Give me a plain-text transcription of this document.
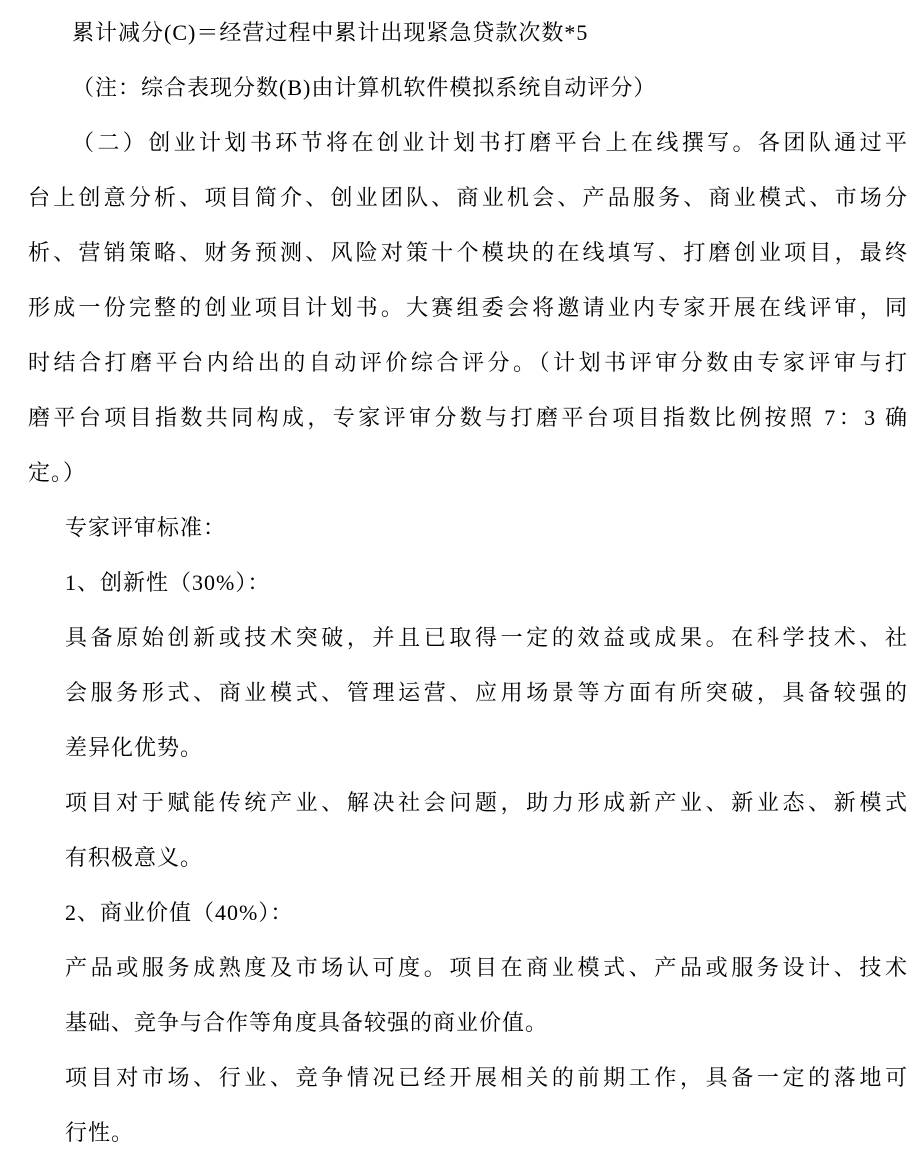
累计减分(C)＝经营过程中累计出现紧急贷款次数*5
（注：综合表现分数(B)由计算机软件模拟系统自动评分）
（二）创业计划书环节将在创业计划书打磨平台上在线撰写。各团队通过平
台上创意分析、项目简介、创业团队、商业机会、产品服务、商业模式、市场分
析、营销策略、财务预测、风险对策十个模块的在线填写、打磨创业项目，最终
形成一份完整的创业项目计划书。大赛组委会将邀请业内专家开展在线评审，同
时结合打磨平台内给出的自动评价综合评分。（计划书评审分数由专家评审与打
磨平台项目指数共同构成，专家评审分数与打磨平台项目指数比例按照 7：3 确
定。）
专家评审标准：
1、创新性（30%）：
具备原始创新或技术突破，并且已取得一定的效益或成果。在科学技术、社
会服务形式、商业模式、管理运营、应用场景等方面有所突破，具备较强的
差异化优势。
项目对于赋能传统产业、解决社会问题，助力形成新产业、新业态、新模式
有积极意义。
2、商业价值（40%）：
产品或服务成熟度及市场认可度。项目在商业模式、产品或服务设计、技术
基础、竞争与合作等角度具备较强的商业价值。
项目对市场、行业、竞争情况已经开展相关的前期工作，具备一定的落地可
行性。
